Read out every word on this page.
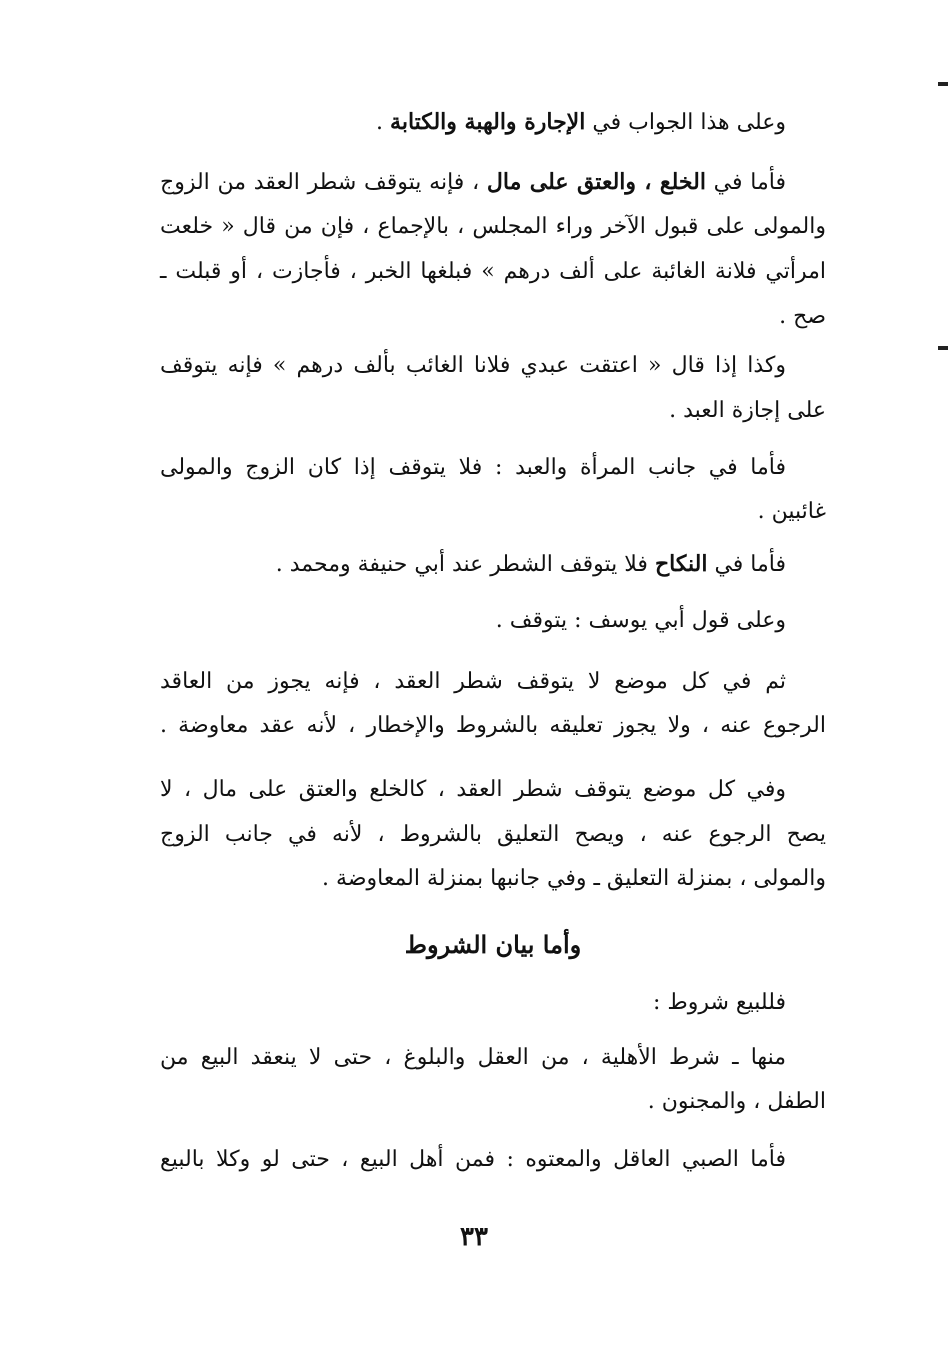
وعلى هذا الجواب في الإجارة والهبة والكتابة .
فأما في الخلع ، والعتق على مال ، فإنه يتوقف شطر العقد من الزوج
والمولى على قبول الآخر وراء المجلس ، بالإجماع ، فإن من قال « خلعت
امرأتي فلانة الغائبة على ألف درهم » فبلغها الخبر ، فأجازت ، أو قبلت ـ
صح .
وكذا إذا قال « اعتقت عبدي فلانا الغائب بألف درهم » فإنه يتوقف
على إجازة العبد .
فأما في جانب المرأة والعبد : فلا يتوقف إذا كان الزوج والمولى
غائبين .
فأما في النكاح فلا يتوقف الشطر عند أبي حنيفة ومحمد .
وعلى قول أبي يوسف : يتوقف .
ثم في كل موضع لا يتوقف شطر العقد ، فإنه يجوز من العاقد
الرجوع عنه ، ولا يجوز تعليقه بالشروط والإخطار ، لأنه عقد معاوضة .
وفي كل موضع يتوقف شطر العقد ، كالخلع والعتق على مال ، لا
يصح الرجوع عنه ، ويصح التعليق بالشروط ، لأنه في جانب الزوج
والمولى ، بمنزلة التعليق ـ وفي جانبها بمنزلة المعاوضة .
وأما بيان الشروط
فللبيع شروط :
منها ـ شرط الأهلية ، من العقل والبلوغ ، حتى لا ينعقد البيع من
الطفل ، والمجنون .
فأما الصبي العاقل والمعتوه : فمن أهل البيع ، حتى لو وكلا بالبيع
٣٣
